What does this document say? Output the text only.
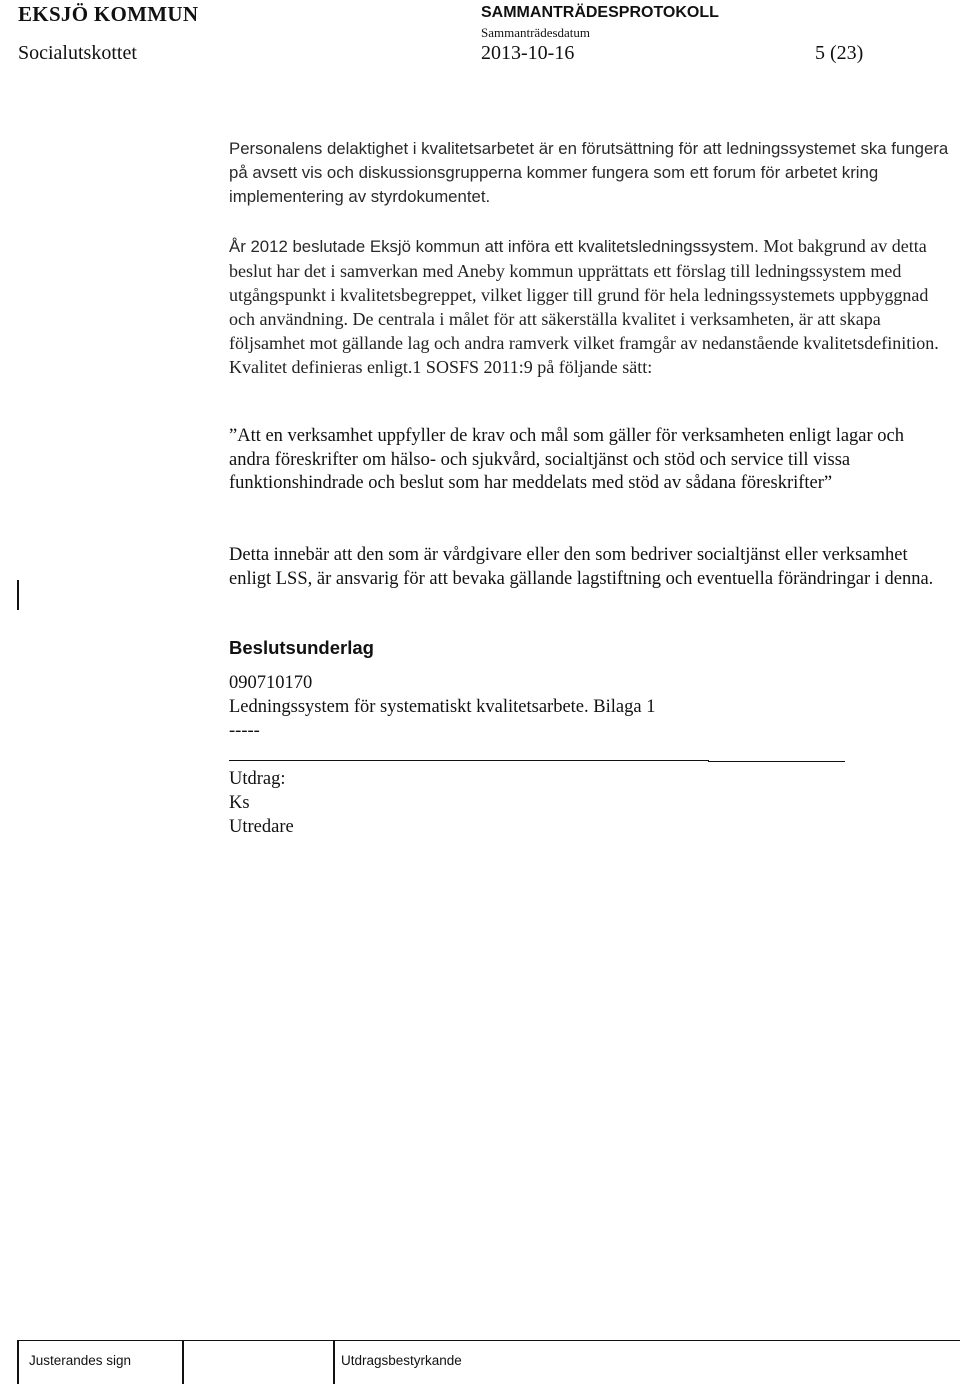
EKSJÖ KOMMUN	SAMMANTRÄDESPROTOKOLL
Sammanträdesdatum
Socialutskottet	2013-10-16	5 (23)

Personalens delaktighet i kvalitetsarbetet är en förutsättning för att ledningssystemet ska fungera på avsett vis och diskussionsgrupperna kommer fungera som ett forum för arbetet kring implementering av styrdokumentet.

År 2012 beslutade Eksjö kommun att införa ett kvalitetsledningssystem. Mot bakgrund av detta beslut har det i samverkan med Aneby kommun upprättats ett förslag till ledningssystem med utgångspunkt i kvalitetsbegreppet, vilket ligger till grund för hela ledningssystemets uppbyggnad och användning. De centrala i målet för att säkerställa kvalitet i verksamheten, är att skapa följsamhet mot gällande lag och andra ramverk vilket framgår av nedanstående kvalitetsdefinition. Kvalitet definieras enligt.1 SOSFS 2011:9 på följande sätt:

”Att en verksamhet uppfyller de krav och mål som gäller för verksamheten enligt lagar och andra föreskrifter om hälso- och sjukvård, socialtjänst och stöd och service till vissa funktionshindrade och beslut som har meddelats med stöd av sådana föreskrifter”

Detta innebär att den som är vårdgivare eller den som bedriver socialtjänst eller verksamhet enligt LSS, är ansvarig för att bevaka gällande lagstiftning och eventuella förändringar i denna.

Beslutsunderlag
090710170
Ledningssystem för systematiskt kvalitetsarbete. Bilaga 1
-----
Utdrag:
Ks
Utredare
Justerandes sign	Utdragsbestyrkande
